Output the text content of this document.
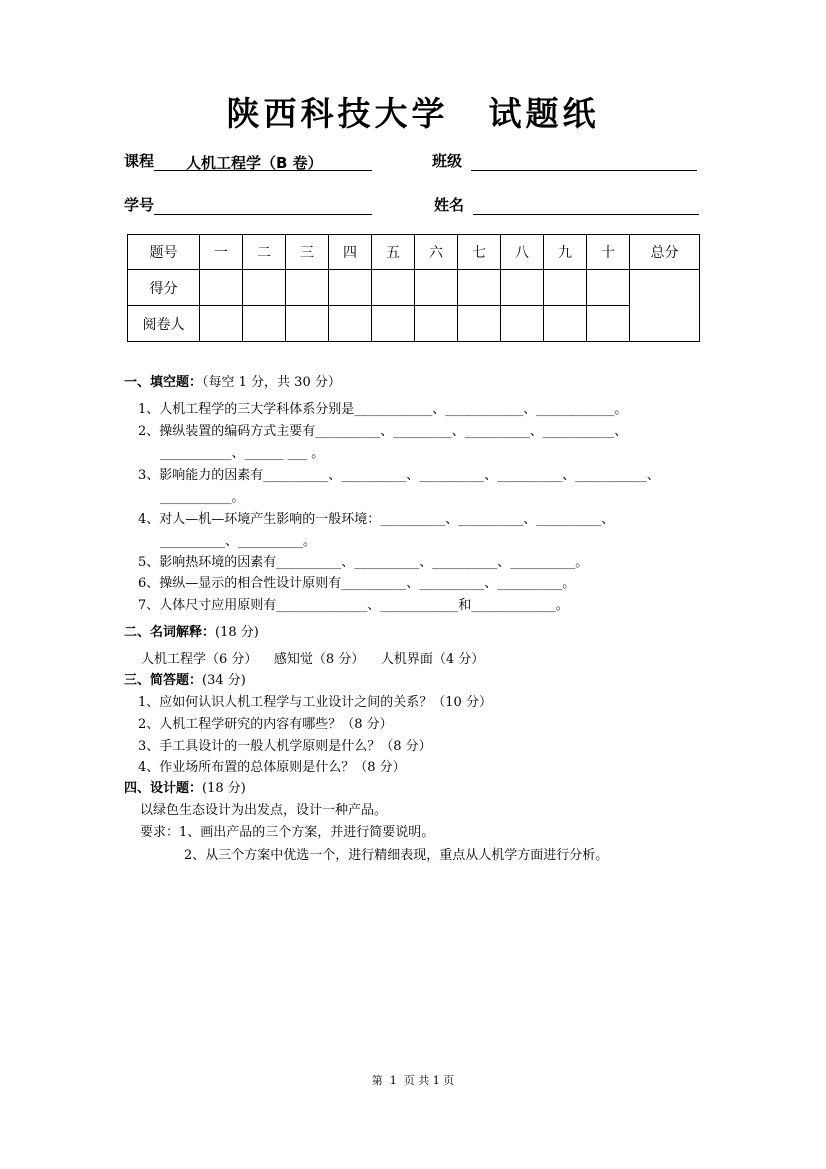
陕西科技大学 试题纸
课程 人机工程学（B 卷）	班级
学号	姓名
题号	一	二	三	四	五	六	七	八	九	十	总分
得分											
阅卷人											
一、填空题：（每空 1 分，共 30 分）
1、人机工程学的三大学科体系分别是____________、____________、____________。
2、操纵装置的编码方式主要有__________、_________、__________、___________、
___________、______ ___ 。
3、影响能力的因素有__________、__________、__________、__________、___________、
___________。
4、对人—机—环境产生影响的一般环境：__________、__________、__________、
__________、__________。
5、影响热环境的因素有__________、__________、__________、__________。
6、操纵—显示的相合性设计原则有__________、__________、__________。
7、人体尺寸应用原则有______________、____________和_____________。
二、名词解释：(18 分)
人机工程学（6 分）    感知觉（8 分）    人机界面（4 分）
三、简答题：(34 分)
1、应如何认识人机工程学与工业设计之间的关系？（10 分）
2、人机工程学研究的内容有哪些？（8 分）
3、手工具设计的一般人机学原则是什么？（8 分）
4、作业场所布置的总体原则是什么？（8 分）
四、设计题：(18 分)
以绿色生态设计为出发点，设计一种产品。
要求：1、画出产品的三个方案，并进行简要说明。
2、从三个方案中优选一个，进行精细表现，重点从人机学方面进行分析。
第  1  页 共 1 页
